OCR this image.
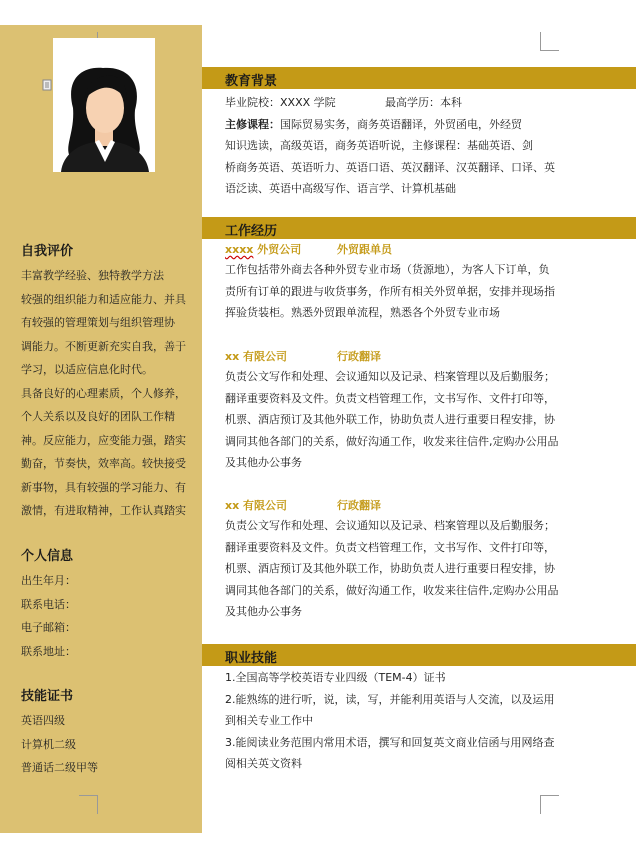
自我评价
丰富教学经验、独特教学方法
较强的组织能力和适应能力、并具
有较强的管理策划与组织管理协
调能力。不断更新充实自我，善于
学习，以适应信息化时代。
具备良好的心理素质，个人修养，
个人关系以及良好的团队工作精
神。反应能力，应变能力强，踏实
勤奋，节奏快，效率高。较快接受
新事物，具有较强的学习能力、有
激情，有进取精神，工作认真踏实
个人信息
出生年月：
联系电话：
电子邮箱：
联系地址：
技能证书
英语四级
计算机二级
普通话二级甲等
教育背景
毕业院校：XXXX 学院	最高学历：本科
主修课程：国际贸易实务，商务英语翻译，外贸函电，外经贸
知识选读，高级英语，商务英语听说，主修课程：基础英语、剑
桥商务英语、英语听力、英语口语、英汉翻译、汉英翻译、口译、英
语泛读、英语中高级写作、语言学、计算机基础
工作经历
xxxx 外贸公司	外贸跟单员
工作包括带外商去各种外贸专业市场（货源地），为客人下订单，负
责所有订单的跟进与收货事务，作所有相关外贸单据，安排并现场指
挥验货装柜。熟悉外贸跟单流程，熟悉各个外贸专业市场
xx 有限公司	行政翻译
负责公文写作和处理、会议通知以及记录、档案管理以及后勤服务；
翻译重要资料及文件。负责文档管理工作，文书写作、文件打印等，
机票、酒店预订及其他外联工作，协助负责人进行重要日程安排，协
调同其他各部门的关系，做好沟通工作，收发来往信件,定购办公用品
及其他办公事务
xx 有限公司	行政翻译
负责公文写作和处理、会议通知以及记录、档案管理以及后勤服务；
翻译重要资料及文件。负责文档管理工作，文书写作、文件打印等，
机票、酒店预订及其他外联工作，协助负责人进行重要日程安排，协
调同其他各部门的关系，做好沟通工作，收发来往信件,定购办公用品
及其他办公事务
职业技能
1.全国高等学校英语专业四级（TEM-4）证书
2.能熟练的进行听，说，读，写，并能利用英语与人交流，以及运用
到相关专业工作中
3.能阅读业务范围内常用术语，撰写和回复英文商业信函与用网络查
阅相关英文资料
